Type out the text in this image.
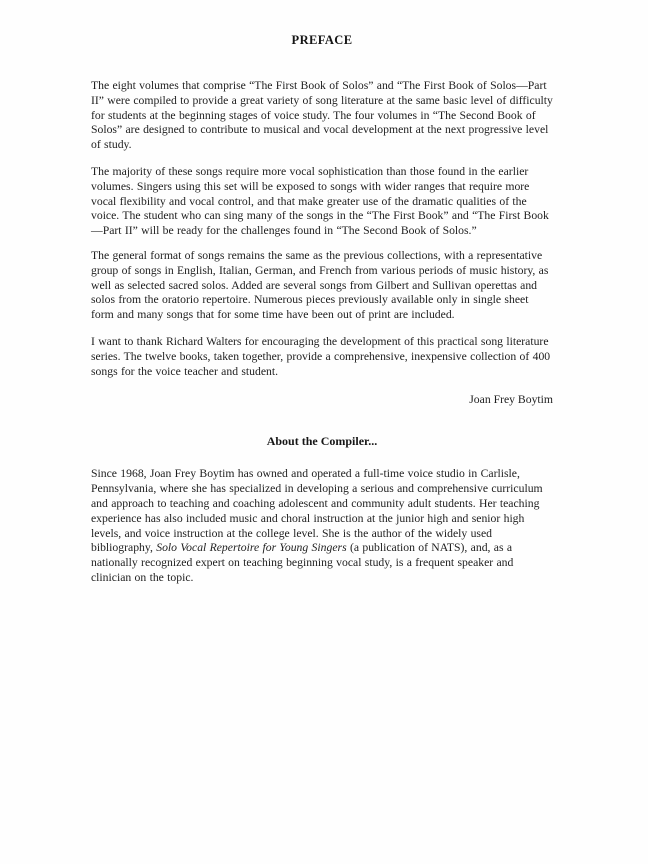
PREFACE

The eight volumes that comprise “The First Book of Solos” and “The First Book of Solos—Part II” were compiled to provide a great variety of song literature at the same basic level of difficulty for students at the beginning stages of voice study. The four volumes in “The Second Book of Solos” are designed to contribute to musical and vocal development at the next progressive level of study.

The majority of these songs require more vocal sophistication than those found in the earlier volumes. Singers using this set will be exposed to songs with wider ranges that require more vocal flexibility and vocal control, and that make greater use of the dramatic qualities of the voice. The student who can sing many of the songs in the “The First Book” and “The First Book—Part II” will be ready for the challenges found in “The Second Book of Solos.”

The general format of songs remains the same as the previous collections, with a representative group of songs in English, Italian, German, and French from various periods of music history, as well as selected sacred solos. Added are several songs from Gilbert and Sullivan operettas and solos from the oratorio repertoire. Numerous pieces previously available only in single sheet form and many songs that for some time have been out of print are included.

I want to thank Richard Walters for encouraging the development of this practical song literature series. The twelve books, taken together, provide a comprehensive, inexpensive collection of 400 songs for the voice teacher and student.

Joan Frey Boytim

About the Compiler...

Since 1968, Joan Frey Boytim has owned and operated a full-time voice studio in Carlisle, Pennsylvania, where she has specialized in developing a serious and comprehensive curriculum and approach to teaching and coaching adolescent and community adult students. Her teaching experience has also included music and choral instruction at the junior high and senior high levels, and voice instruction at the college level. She is the author of the widely used bibliography, Solo Vocal Repertoire for Young Singers (a publication of NATS), and, as a nationally recognized expert on teaching beginning vocal study, is a frequent speaker and clinician on the topic.
